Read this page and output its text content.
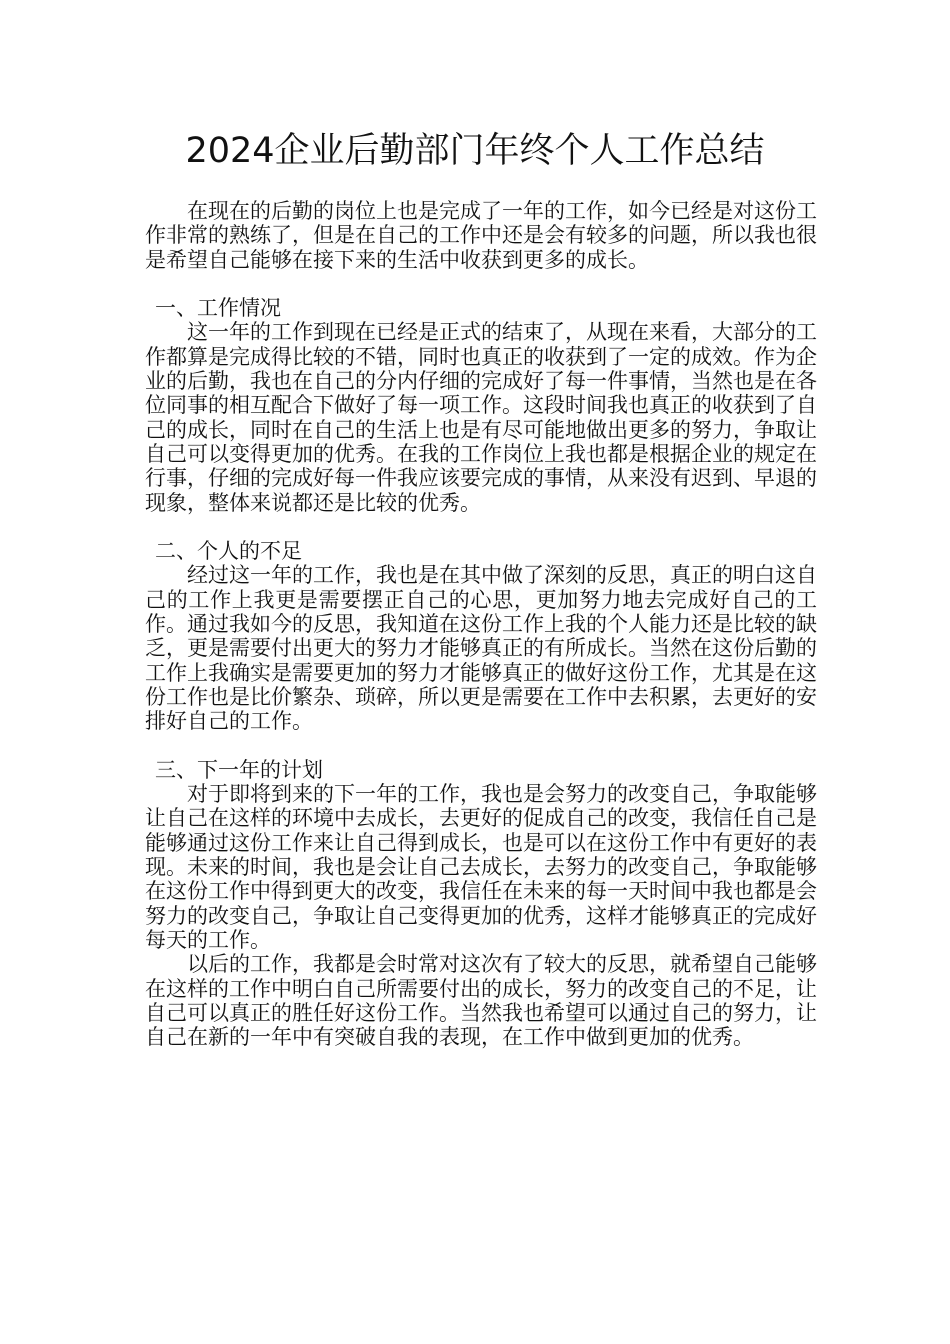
2024企业后勤部门年终个人工作总结

在现在的后勤的岗位上也是完成了一年的工作，如今已经是对这份工作非常的熟练了，但是在自己的工作中还是会有较多的问题，所以我也很是希望自己能够在接下来的生活中收获到更多的成长。

一、工作情况

这一年的工作到现在已经是正式的结束了，从现在来看，大部分的工作都算是完成得比较的不错，同时也真正的收获到了一定的成效。作为企业的后勤，我也在自己的分内仔细的完成好了每一件事情，当然也是在各位同事的相互配合下做好了每一项工作。这段时间我也真正的收获到了自己的成长，同时在自己的生活上也是有尽可能地做出更多的努力，争取让自己可以变得更加的优秀。在我的工作岗位上我也都是根据企业的规定在行事，仔细的完成好每一件我应该要完成的事情，从来没有迟到、早退的现象，整体来说都还是比较的优秀。

二、个人的不足

经过这一年的工作，我也是在其中做了深刻的反思，真正的明白这自己的工作上我更是需要摆正自己的心思，更加努力地去完成好自己的工作。通过我如今的反思，我知道在这份工作上我的个人能力还是比较的缺乏，更是需要付出更大的努力才能够真正的有所成长。当然在这份后勤的工作上我确实是需要更加的努力才能够真正的做好这份工作，尤其是在这份工作也是比价繁杂、琐碎，所以更是需要在工作中去积累，去更好的安排好自己的工作。

三、下一年的计划

对于即将到来的下一年的工作，我也是会努力的改变自己，争取能够让自己在这样的环境中去成长，去更好的促成自己的改变，我信任自己是能够通过这份工作来让自己得到成长，也是可以在这份工作中有更好的表现。未来的时间，我也是会让自己去成长，去努力的改变自己，争取能够在这份工作中得到更大的改变，我信任在未来的每一天时间中我也都是会努力的改变自己，争取让自己变得更加的优秀，这样才能够真正的完成好每天的工作。

以后的工作，我都是会时常对这次有了较大的反思，就希望自己能够在这样的工作中明白自己所需要付出的成长，努力的改变自己的不足，让自己可以真正的胜任好这份工作。当然我也希望可以通过自己的努力，让自己在新的一年中有突破自我的表现，在工作中做到更加的优秀。
